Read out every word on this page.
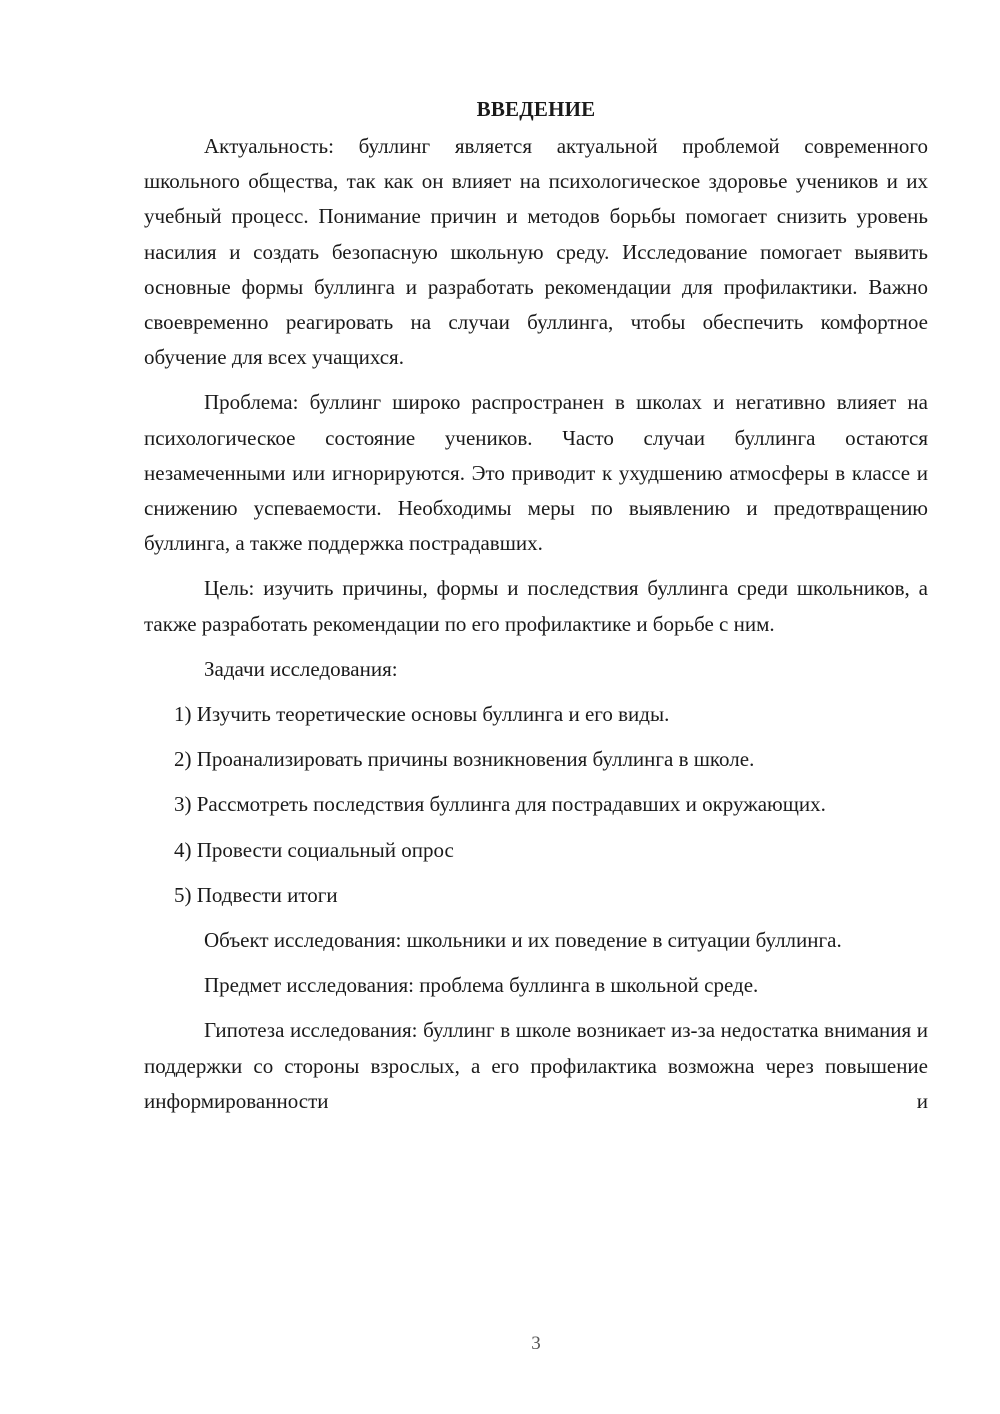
ВВЕДЕНИЕ

Актуальность: буллинг является актуальной проблемой современного школьного общества, так как он влияет на психологическое здоровье учеников и их учебный процесс. Понимание причин и методов борьбы помогает снизить уровень насилия и создать безопасную школьную среду. Исследование помогает выявить основные формы буллинга и разработать рекомендации для профилактики. Важно своевременно реагировать на случаи буллинга, чтобы обеспечить комфортное обучение для всех учащихся.

Проблема: буллинг широко распространен в школах и негативно влияет на психологическое состояние учеников. Часто случаи буллинга остаются незамеченными или игнорируются. Это приводит к ухудшению атмосферы в классе и снижению успеваемости. Необходимы меры по выявлению и предотвращению буллинга, а также поддержка пострадавших.

Цель: изучить причины, формы и последствия буллинга среди школьников, а также разработать рекомендации по его профилактике и борьбе с ним.

Задачи исследования:

1) Изучить теоретические основы буллинга и его виды.

2) Проанализировать причины возникновения буллинга в школе.

3) Рассмотреть последствия буллинга для пострадавших и окружающих.

4) Провести социальный опрос

5) Подвести итоги

Объект исследования: школьники и их поведение в ситуации буллинга.

Предмет исследования: проблема буллинга в школьной среде.

Гипотеза исследования: буллинг в школе возникает из-за недостатка внимания и поддержки со стороны взрослых, а его профилактика возможна через повышение информированности и

3
